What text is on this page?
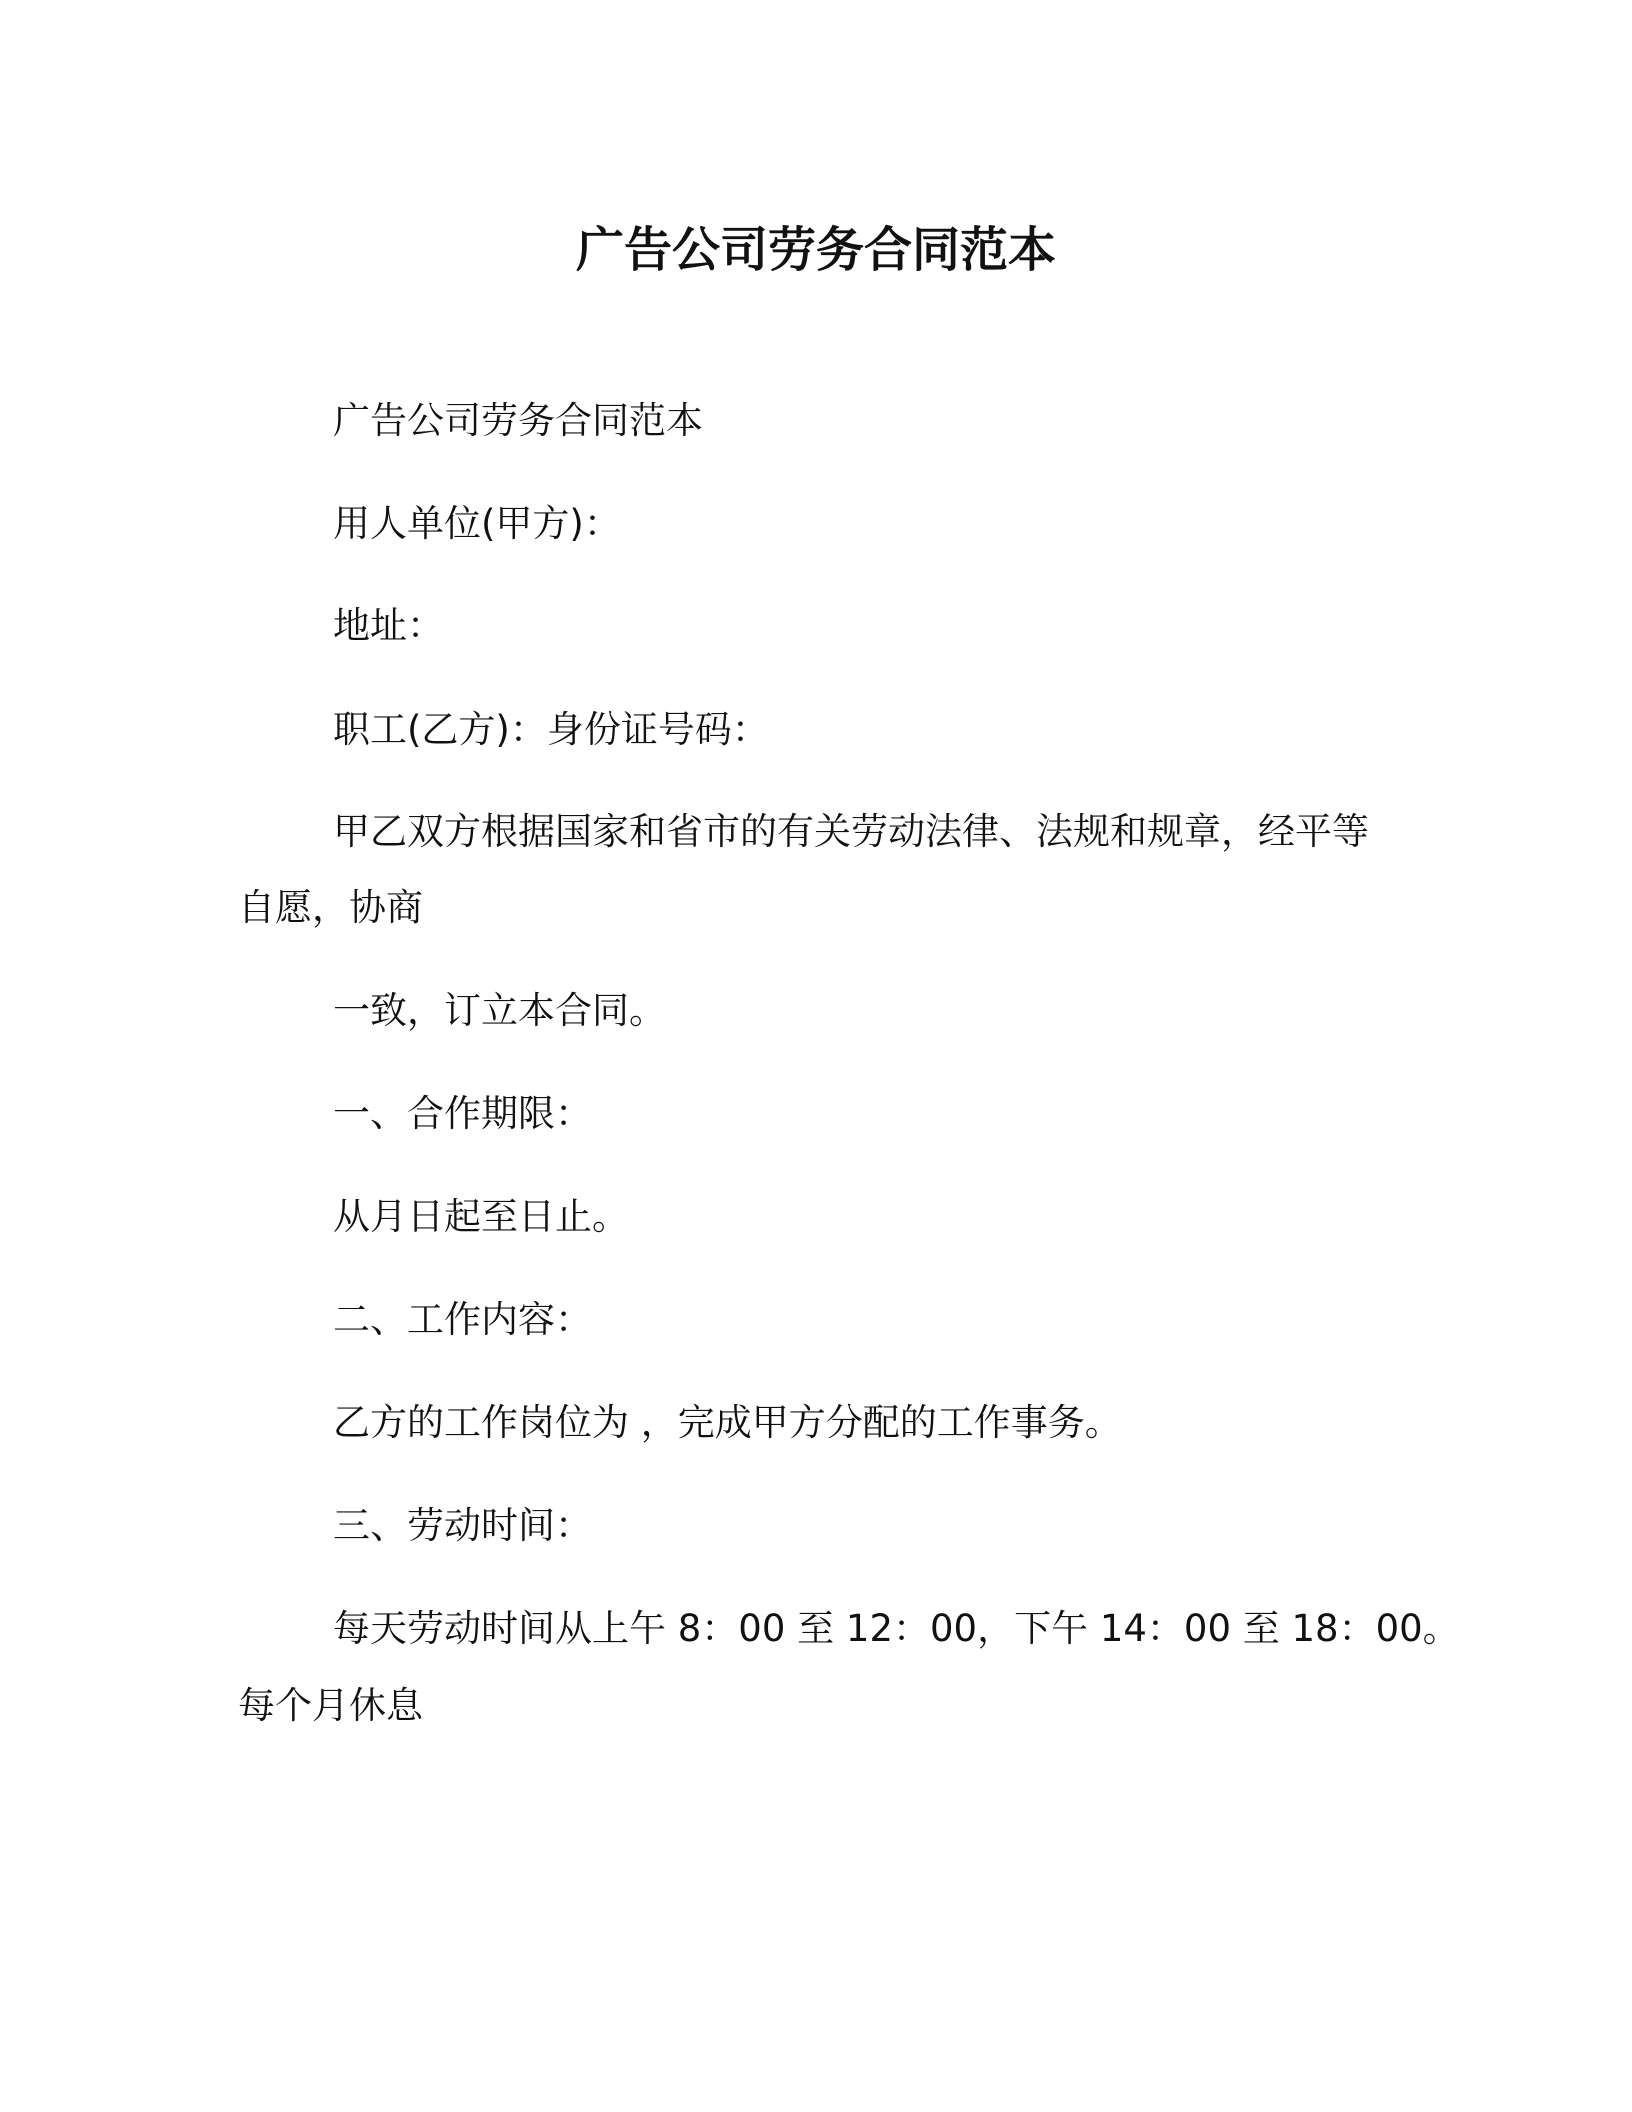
广告公司劳务合同范本
广告公司劳务合同范本
用人单位(甲方)：
地址：
职工(乙方)：身份证号码：
甲乙双方根据国家和省市的有关劳动法律、法规和规章，经平等
自愿，协商
一致，订立本合同。
一、合作期限：
从月日起至日止。
二、工作内容：
乙方的工作岗位为 ，完成甲方分配的工作事务。
三、劳动时间：
每天劳动时间从上午 8：00 至 12：00，下午 14：00 至 18：00。
每个月休息
